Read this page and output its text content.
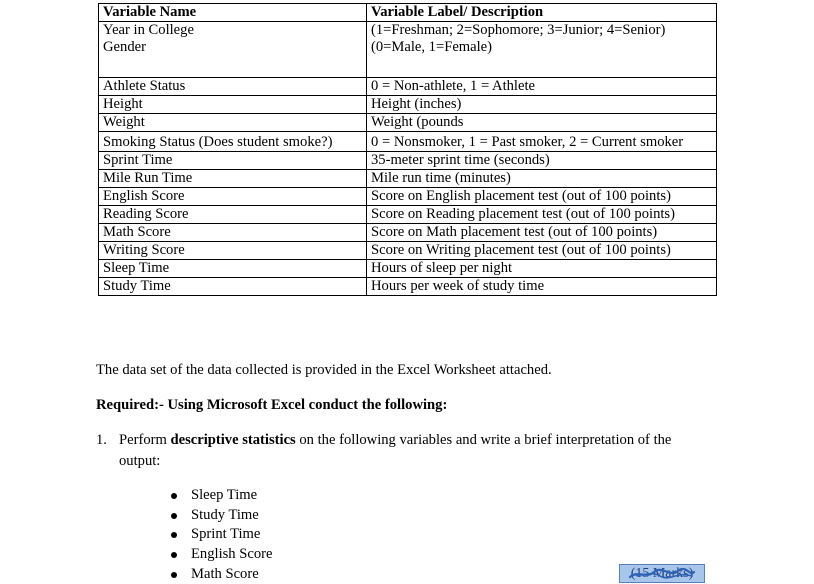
Variable Name	Variable Label/ Description
Year in College	(1=Freshman; 2=Sophomore; 3=Junior; 4=Senior)
Gender	(0=Male, 1=Female)

Athlete Status	0 = Non-athlete, 1 = Athlete
Height	Height (inches)
Weight	Weight (pounds
Smoking Status (Does student smoke?)	0 = Nonsmoker, 1 = Past smoker, 2 = Current smoker
Sprint Time	35-meter sprint time (seconds)
Mile Run Time	Mile run time (minutes)
English Score	Score on English placement test (out of 100 points)
Reading Score	Score on Reading placement test (out of 100 points)
Math Score	Score on Math placement test (out of 100 points)
Writing Score	Score on Writing placement test (out of 100 points)
Sleep Time	Hours of sleep per night
Study Time	Hours per week of study time
The data set of the data collected is provided in the Excel Worksheet attached.
Required:- Using Microsoft Excel conduct the following:
1. Perform descriptive statistics on the following variables and write a brief interpretation of the output:
Sleep Time
Study Time
Sprint Time
English Score
Math Score	(15 Marks)
